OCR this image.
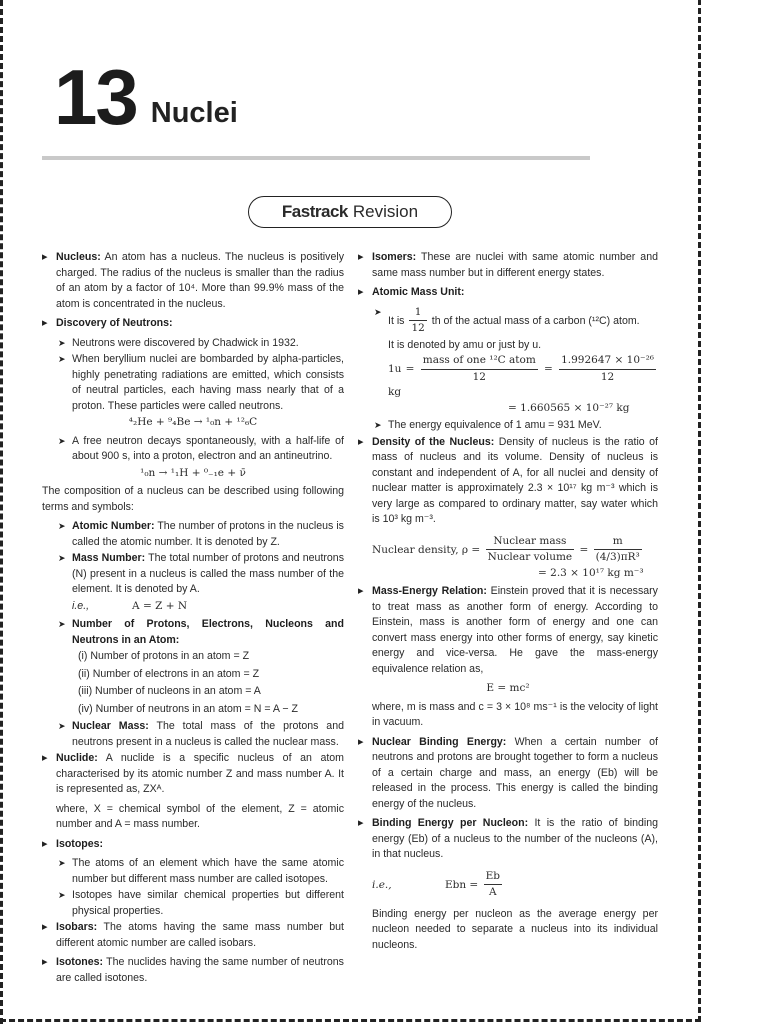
13 Nuclei
Fastrack Revision
▸ Nucleus: An atom has a nucleus. The nucleus is positively charged. The radius of the nucleus is smaller than the radius of an atom by a factor of 10⁴. More than 99.9% mass of the atom is concentrated in the nucleus.
▸ Discovery of Neutrons:
➤ Neutrons were discovered by Chadwick in 1932.
➤ When beryllium nuclei are bombarded by alpha-particles, highly penetrating radiations are emitted, which consists of neutral particles, each having mass nearly that of a proton. These particles were called neutrons.
⁴₂He + ⁹₄Be → ¹₀n + ¹²₆C
➤ A free neutron decays spontaneously, with a half-life of about 900 s, into a proton, electron and an antineutrino.
¹₀n → ¹₁H + ⁰₋₁e + ν̄
The composition of a nucleus can be described using following terms and symbols:
➤ Atomic Number: The number of protons in the nucleus is called the atomic number. It is denoted by Z.
➤ Mass Number: The total number of protons and neutrons (N) present in a nucleus is called the mass number of the element. It is denoted by A.
i.e.,	A = Z + N
➤ Number of Protons, Electrons, Nucleons and Neutrons in an Atom:
(i) Number of protons in an atom = Z
(ii) Number of electrons in an atom = Z
(iii) Number of nucleons in an atom = A
(iv) Number of neutrons in an atom = N = A − Z
➤ Nuclear Mass: The total mass of the protons and neutrons present in a nucleus is called the nuclear mass.
▸ Nuclide: A nuclide is a specific nucleus of an atom characterised by its atomic number Z and mass number A. It is represented as, ZXᴬ.
where, X = chemical symbol of the element, Z = atomic number and A = mass number.
▸ Isotopes:
➤ The atoms of an element which have the same atomic number but different mass number are called isotopes.
➤ Isotopes have similar chemical properties but different physical properties.
▸ Isobars: The atoms having the same mass number but different atomic number are called isobars.
▸ Isotones: The nuclides having the same number of neutrons are called isotones.
▸ Isomers: These are nuclei with same atomic number and same mass number but in different energy states.
▸ Atomic Mass Unit:
➤ It is $\frac{1}{12}$ th of the actual mass of a carbon (¹²C) atom.
It is denoted by amu or just by u.
$1u = \frac{\text{mass of one ¹²C atom}}{12} = \frac{\text{1.992647 × 10⁻²⁶}}{12}$
kg
= 1.660565 × 10⁻²⁷ kg
➤ The energy equivalence of 1 amu = 931 MeV.
▸ Density of the Nucleus: Density of nucleus is the ratio of mass of nucleus and its volume. Density of nucleus is constant and independent of A, for all nuclei and density of nuclear matter is approximately 2.3 × 10¹⁷ kg m⁻³ which is very large as compared to ordinary matter, say water which is 10³ kg m⁻³.
Nuclear density, $\rho = \frac{\text{Nuclear mass}}{\text{Nuclear volume}} = \frac{m}{\text{(4/3)πR³}}$
= 2.3 × 10¹⁷ kg m⁻³
▸ Mass-Energy Relation: Einstein proved that it is necessary to treat mass as another form of energy. According to Einstein, mass is another form of energy and one can convert mass energy into other forms of energy, say kinetic energy and vice-versa. He gave the mass-energy equivalence relation as,
E = mc²
where, m is mass and c = 3 × 10⁸ ms⁻¹ is the velocity of light in vacuum.
▸ Nuclear Binding Energy: When a certain number of neutrons and protons are brought together to form a nucleus of a certain charge and mass, an energy (Eb) will be released in the process. This energy is called the binding energy of the nucleus.
▸ Binding Energy per Nucleon: It is the ratio of binding energy (Eb) of a nucleus to the number of the nucleons (A), in that nucleus.
i.e.,	Ebn = $\frac{Eb}{A}$
Binding energy per nucleon as the average energy per nucleon needed to separate a nucleus into its individual nucleons.
